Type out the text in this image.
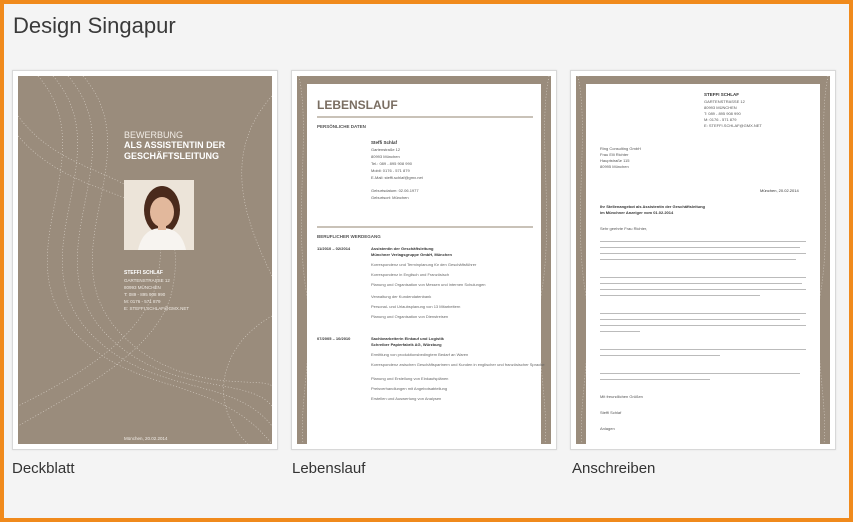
Design Singapur
BEWERBUNG
ALS ASSISTENTIN DER
GESCHÄFTSLEITUNG
STEFFI SCHLAF
GARTENSTRASSE 12
80993 MÜNCHEN
T: 089 - 895 908 990
M: 0176 - 571 879
E: STEFFI.SCHLAF@GMX.NET
München, 20.02.2014
Deckblatt
LEBENSLAUF
PERSÖNLICHE DATEN
Steffi Schlaf
Gartenstraße 12
80993 München
Tel.: 089 - 895 908 990
Mobil: 0176 - 571 879
E-Mail: steffi.schlaf@gmx.net
Geburtsdatum: 02.06.1977
Geburtsort: München
BERUFLICHER WERDEGANG
11/2010 – 02/2014	Assistentin der Geschäftsleitung
Münchner Verlagsgruppe GmbH, München
Korrespondenz und Terminplanung für den Geschäftsführer
Korrespondenz in Englisch und Französisch
Planung und Organisation von Messen und internen Schulungen
Verwaltung der Kundendatenbank
Personal- und Urlaubsplanung von 13 Mitarbeitern
Planung und Organisation von Dienstreisen
07/2005 – 10/2010	Sachbearbeiterin Einkauf und Logistik
Schreiber Papierfabrik AG, Würzburg
Ermittlung von produktionsbedingtem Bedarf an Waren
Korrespondenz zwischen Geschäftspartnern und Kunden in englischer und französischer Sprache
Planung und Erstellung von Einkaufsplänen
Preisverhandlungen mit Angebotsabteilung
Erstellen und Auswertung von Analysen
Lebenslauf
STEFFI SCHLAF
GARTENSTRASSE 12
80993 MÜNCHEN
T: 089 - 895 908 990
M: 0176 - 571 879
E: STEFFI.SCHLAF@GMX.NET
Ring Consulting GmbH
Frau Elli Richter
Hauptstraße 115
80995 München
München, 20.02.2014
Ihr Stellenangebot als Assistentin der Geschäftsleitung
im Münchner Anzeiger vom 01.02.2014
Sehr geehrte Frau Richter,
Mit freundlichen Grüßen
Steffi Schlaf
Anlagen
Anschreiben
